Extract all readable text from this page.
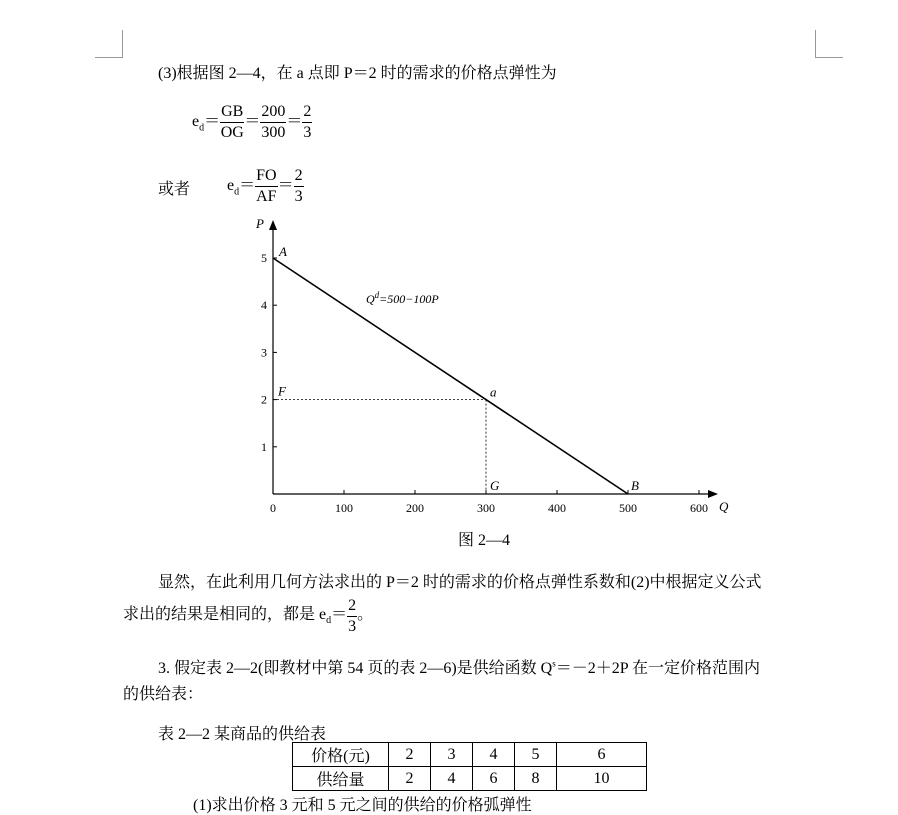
(3)根据图 2—4，在 a 点即 P＝2 时的需求的价格点弹性为
$e_d= \frac{GB}{OG} = \frac{200}{300} = \frac{2}{3}$
或者 $e_d= \frac{FO}{AF} = \frac{2}{3}$
Q
P
0	100	200	300	400	500	600
1
2
3
4
5 A
F	a
G	B
$Q^d=500-100P$
图 2—4
显然，在此利用几何方法求出的 P＝2 时的需求的价格点弹性系数和(2)中根据定义公式
求出的结果是相同的，都是 $e_d= \frac{2}{3}$ 。
3. 假定表 2—2(即教材中第 54 页的表 2—6)是供给函数 $Q^s=-2+2P$ 在一定价格范围内
的供给表：
表 2—2 某商品的供给表
价格(元)	2	3	4	5	6
供给量	2	4	6	8	10
(1)求出价格 3 元和 5 元之间的供给的价格弧弹性
